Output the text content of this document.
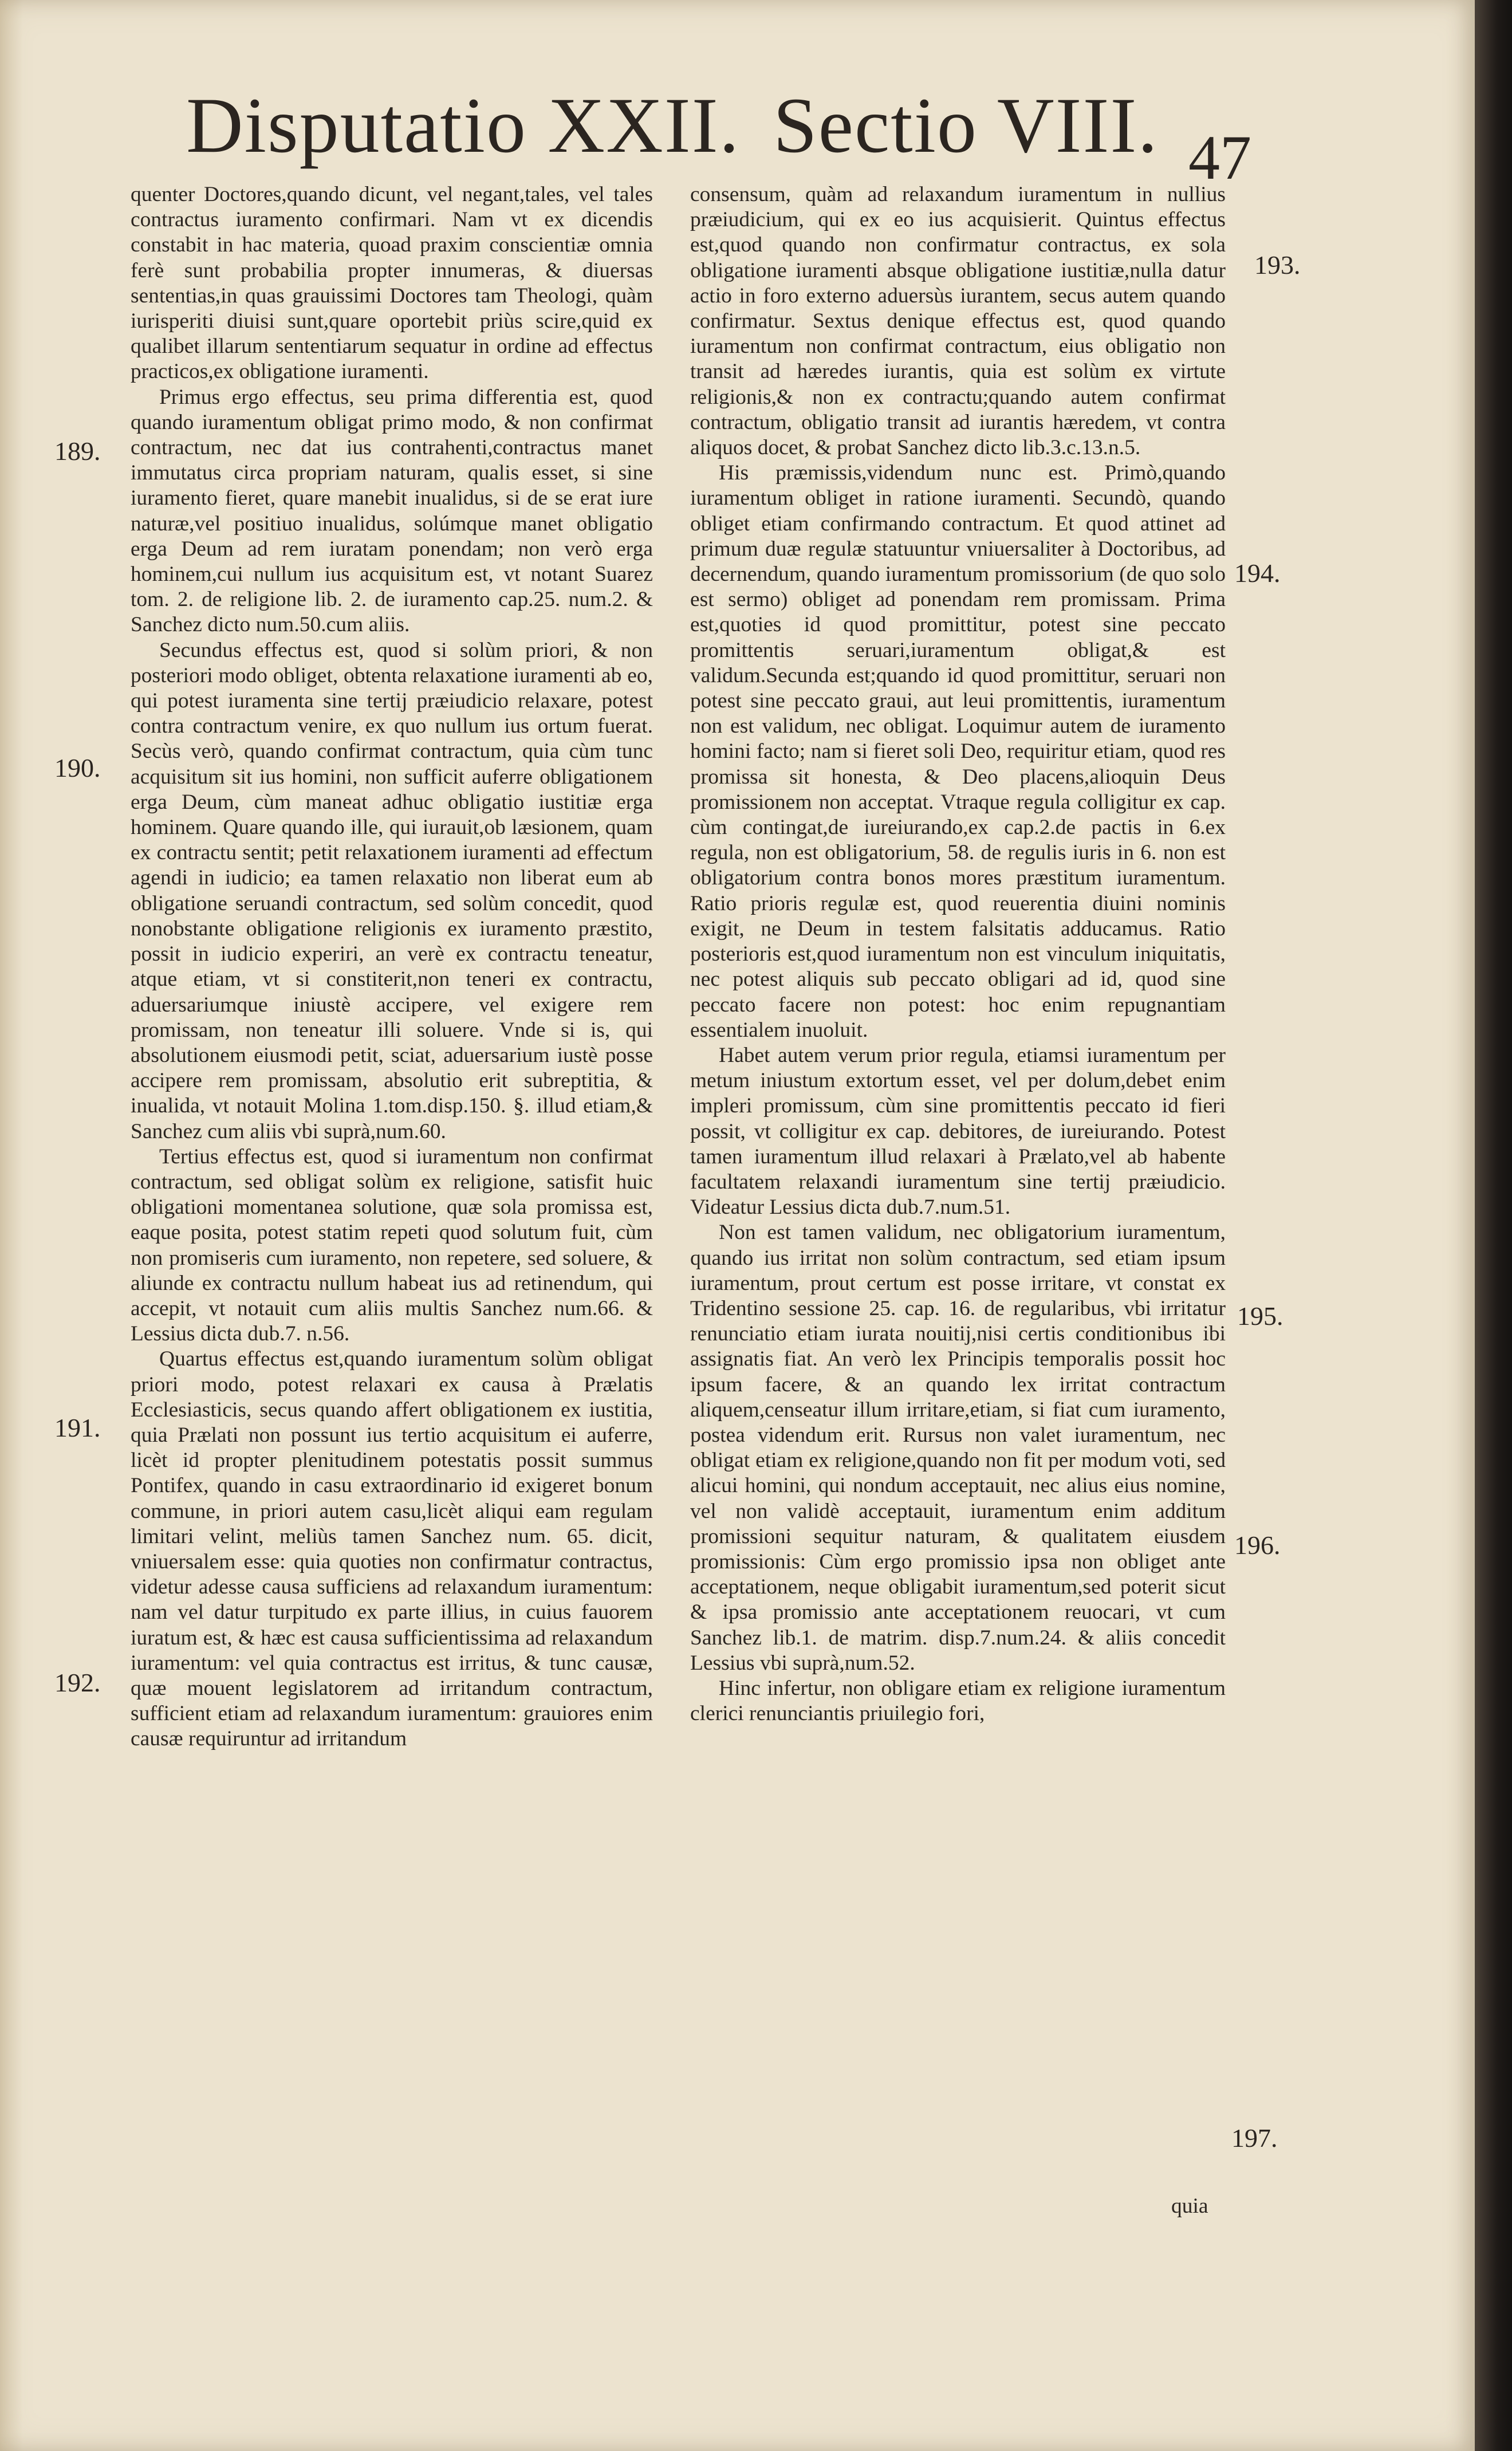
Disputatio XXII. Sectio VIII. 47

quenter Doctores,quando dicunt, vel negant,tales, vel tales contractus iuramento confirmari. Nam vt ex dicendis constabit in hac materia, quoad praxim conscientiæ omnia ferè sunt probabilia propter innumeras, & diuersas sententias,in quas grauissimi Doctores tam Theologi, quàm iurisperiti diuisi sunt,quare oportebit priùs scire,quid ex qualibet illarum sententiarum sequatur in ordine ad effectus practicos,ex obligatione iuramenti.

Primus ergo effectus, seu prima differentia est, quod quando iuramentum obligat primo modo, & non confirmat contractum, nec dat ius contrahenti,contractus manet immutatus circa propriam naturam, qualis esset, si sine iuramento fieret, quare manebit inualidus, si de se erat iure naturæ,vel positiuo inualidus, solúmque manet obligatio erga Deum ad rem iuratam ponendam; non verò erga hominem,cui nullum ius acquisitum est, vt notant Suarez tom. 2. de religione lib. 2. de iuramento cap.25. num.2. & Sanchez dicto num.50.cum aliis.

Secundus effectus est, quod si solùm priori, & non posteriori modo obliget, obtenta relaxatione iuramenti ab eo, qui potest iuramenta sine tertij præiudicio relaxare, potest contra contractum venire, ex quo nullum ius ortum fuerat. Secùs verò, quando confirmat contractum, quia cùm tunc acquisitum sit ius homini, non sufficit auferre obligationem erga Deum, cùm maneat adhuc obligatio iustitiæ erga hominem. Quare quando ille, qui iurauit,ob læsionem, quam ex contractu sentit; petit relaxationem iuramenti ad effectum agendi in iudicio; ea tamen relaxatio non liberat eum ab obligatione seruandi contractum, sed solùm concedit, quod nonobstante obligatione religionis ex iuramento præstito, possit in iudicio experiri, an verè ex contractu teneatur, atque etiam, vt si constiterit,non teneri ex contractu, aduersariumque iniustè accipere, vel exigere rem promissam, non teneatur illi soluere. Vnde si is, qui absolutionem eiusmodi petit, sciat, aduersarium iustè posse accipere rem promissam, absolutio erit subreptitia, & inualida, vt notauit Molina 1.tom.disp.150. §. illud etiam,& Sanchez cum aliis vbi suprà,num.60.

Tertius effectus est, quod si iuramentum non confirmat contractum, sed obligat solùm ex religione, satisfit huic obligationi momentanea solutione, quæ sola promissa est, eaque posita, potest statim repeti quod solutum fuit, cùm non promiseris cum iuramento, non repetere, sed soluere, & aliunde ex contractu nullum habeat ius ad retinendum, qui accepit, vt notauit cum aliis multis Sanchez num.66. & Lessius dicta dub.7. n.56.

Quartus effectus est,quando iuramentum solùm obligat priori modo, potest relaxari ex causa à Prælatis Ecclesiasticis, secus quando affert obligationem ex iustitia, quia Prælati non possunt ius tertio acquisitum ei auferre, licèt id propter plenitudinem potestatis possit summus Pontifex, quando in casu extraordinario id exigeret bonum commune, in priori autem casu,licèt aliqui eam regulam limitari velint, meliùs tamen Sanchez num. 65. dicit, vniuersalem esse: quia quoties non confirmatur contractus, videtur adesse causa sufficiens ad relaxandum iuramentum: nam vel datur turpitudo ex parte illius, in cuius fauorem iuratum est, & hæc est causa sufficientissima ad relaxandum iuramentum: vel quia contractus est irritus, & tunc causæ, quæ mouent legislatorem ad irritandum contractum, sufficient etiam ad relaxandum iuramentum: grauiores enim causæ requiruntur ad irritandum

consensum, quàm ad relaxandum iuramentum in nullius præiudicium, qui ex eo ius acquisierit. Quintus effectus est,quod quando non confirmatur contractus, ex sola obligatione iuramenti absque obligatione iustitiæ,nulla datur actio in foro externo aduersùs iurantem, secus autem quando confirmatur. Sextus denique effectus est, quod quando iuramentum non confirmat contractum, eius obligatio non transit ad hæredes iurantis, quia est solùm ex virtute religionis,& non ex contractu;quando autem confirmat contractum, obligatio transit ad iurantis hæredem, vt contra aliquos docet, & probat Sanchez dicto lib.3.c.13.n.5.

His præmissis,videndum nunc est. Primò,quando iuramentum obliget in ratione iuramenti. Secundò, quando obliget etiam confirmando contractum. Et quod attinet ad primum duæ regulæ statuuntur vniuersaliter à Doctoribus, ad decernendum, quando iuramentum promissorium (de quo solo est sermo) obliget ad ponendam rem promissam. Prima est,quoties id quod promittitur, potest sine peccato promittentis seruari,iuramentum obligat,& est validum.Secunda est;quando id quod promittitur, seruari non potest sine peccato graui, aut leui promittentis, iuramentum non est validum, nec obligat. Loquimur autem de iuramento homini facto; nam si fieret soli Deo, requiritur etiam, quod res promissa sit honesta, & Deo placens,alioquin Deus promissionem non acceptat. Vtraque regula colligitur ex cap. cùm contingat,de iureiurando,ex cap.2.de pactis in 6.ex regula, non est obligatorium, 58. de regulis iuris in 6. non est obligatorium contra bonos mores præstitum iuramentum. Ratio prioris regulæ est, quod reuerentia diuini nominis exigit, ne Deum in testem falsitatis adducamus. Ratio posterioris est,quod iuramentum non est vinculum iniquitatis, nec potest aliquis sub peccato obligari ad id, quod sine peccato facere non potest: hoc enim repugnantiam essentialem inuoluit.

Habet autem verum prior regula, etiamsi iuramentum per metum iniustum extortum esset, vel per dolum,debet enim impleri promissum, cùm sine promittentis peccato id fieri possit, vt colligitur ex cap. debitores, de iureiurando. Potest tamen iuramentum illud relaxari à Prælato,vel ab habente facultatem relaxandi iuramentum sine tertij præiudicio. Videatur Lessius dicta dub.7.num.51.

Non est tamen validum, nec obligatorium iuramentum, quando ius irritat non solùm contractum, sed etiam ipsum iuramentum, prout certum est posse irritare, vt constat ex Tridentino sessione 25. cap. 16. de regularibus, vbi irritatur renunciatio etiam iurata nouitij,nisi certis conditionibus ibi assignatis fiat. An verò lex Principis temporalis possit hoc ipsum facere, & an quando lex irritat contractum aliquem,censeatur illum irritare,etiam, si fiat cum iuramento, postea videndum erit. Rursus non valet iuramentum, nec obligat etiam ex religione,quando non fit per modum voti, sed alicui homini, qui nondum acceptauit, nec alius eius nomine, vel non validè acceptauit, iuramentum enim additum promissioni sequitur naturam, & qualitatem eiusdem promissionis: Cùm ergo promissio ipsa non obliget ante acceptationem, neque obligabit iuramentum,sed poterit sicut & ipsa promissio ante acceptationem reuocari, vt cum Sanchez lib.1. de matrim. disp.7.num.24. & aliis concedit Lessius vbi suprà,num.52.

Hinc infertur, non obligare etiam ex religione iuramentum clerici renunciantis priuilegio fori,

189.
190.
191.
192.
193.
194.
195.
196.
197.
quia
